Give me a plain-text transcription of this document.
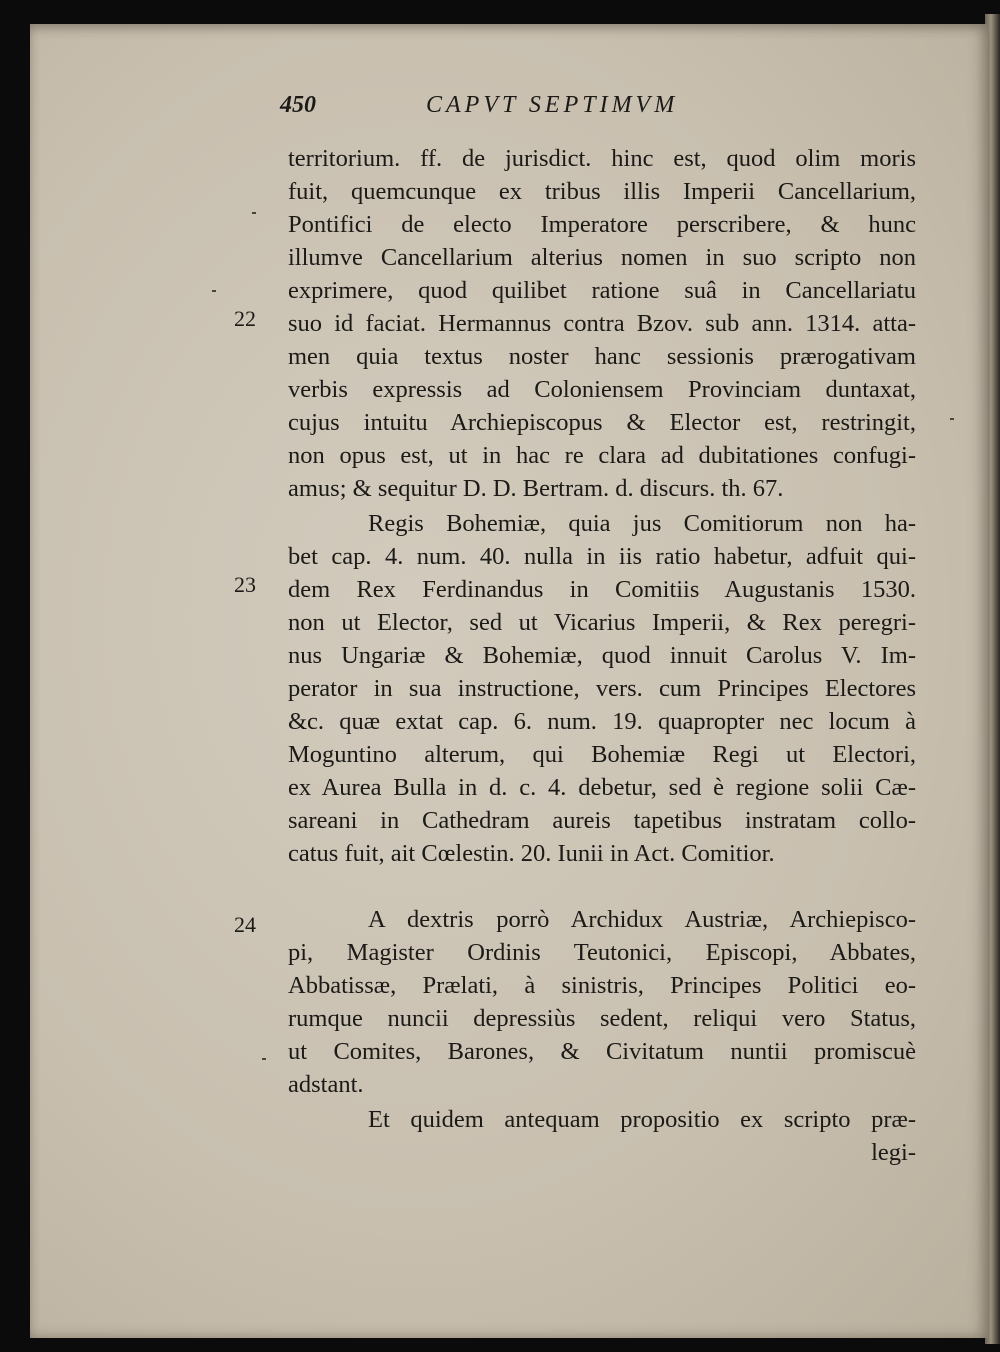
450	CAPVT SEPTIMVM
22
23
24
territorium. ff. de jurisdict. hinc est, quod olim moris
fuit, quemcunque ex tribus illis Imperii Cancellarium,
Pontifici de electo Imperatore perscribere, & hunc
illumve Cancellarium alterius nomen in suo scripto non
exprimere, quod quilibet ratione suâ in Cancellariatu
suo id faciat. Hermannus contra Bzov. sub ann. 1314. atta-
men quia textus noster hanc sessionis prærogativam
verbis expressis ad Coloniensem Provinciam duntaxat,
cujus intuitu Archiepiscopus & Elector est, restringit,
non opus est, ut in hac re clara ad dubitationes confugi-
amus; & sequitur D. D. Bertram. d. discurs. th. 67.
Regis Bohemiæ, quia jus Comitiorum non ha-
bet cap. 4. num. 40. nulla in iis ratio habetur, adfuit qui-
dem Rex Ferdinandus in Comitiis Augustanis 1530.
non ut Elector, sed ut Vicarius Imperii, & Rex peregri-
nus Ungariæ & Bohemiæ, quod innuit Carolus V. Im-
perator in sua instructione, vers. cum Principes Electores
&c. quæ extat cap. 6. num. 19. quapropter nec locum à
Moguntino alterum, qui Bohemiæ Regi ut Electori,
ex Aurea Bulla in d. c. 4. debetur, sed è regione solii Cæ-
sareani in Cathedram aureis tapetibus instratam collo-
catus fuit, ait Cœlestin. 20. Iunii in Act. Comitior.
A dextris porrò Archidux Austriæ, Archiepisco-
pi, Magister Ordinis Teutonici, Episcopi, Abbates,
Abbatissæ, Prælati, à sinistris, Principes Politici eo-
rumque nuncii depressiùs sedent, reliqui vero Status,
ut Comites, Barones, & Civitatum nuntii promiscuè
adstant.
Et quidem antequam propositio ex scripto præ-
legi-
